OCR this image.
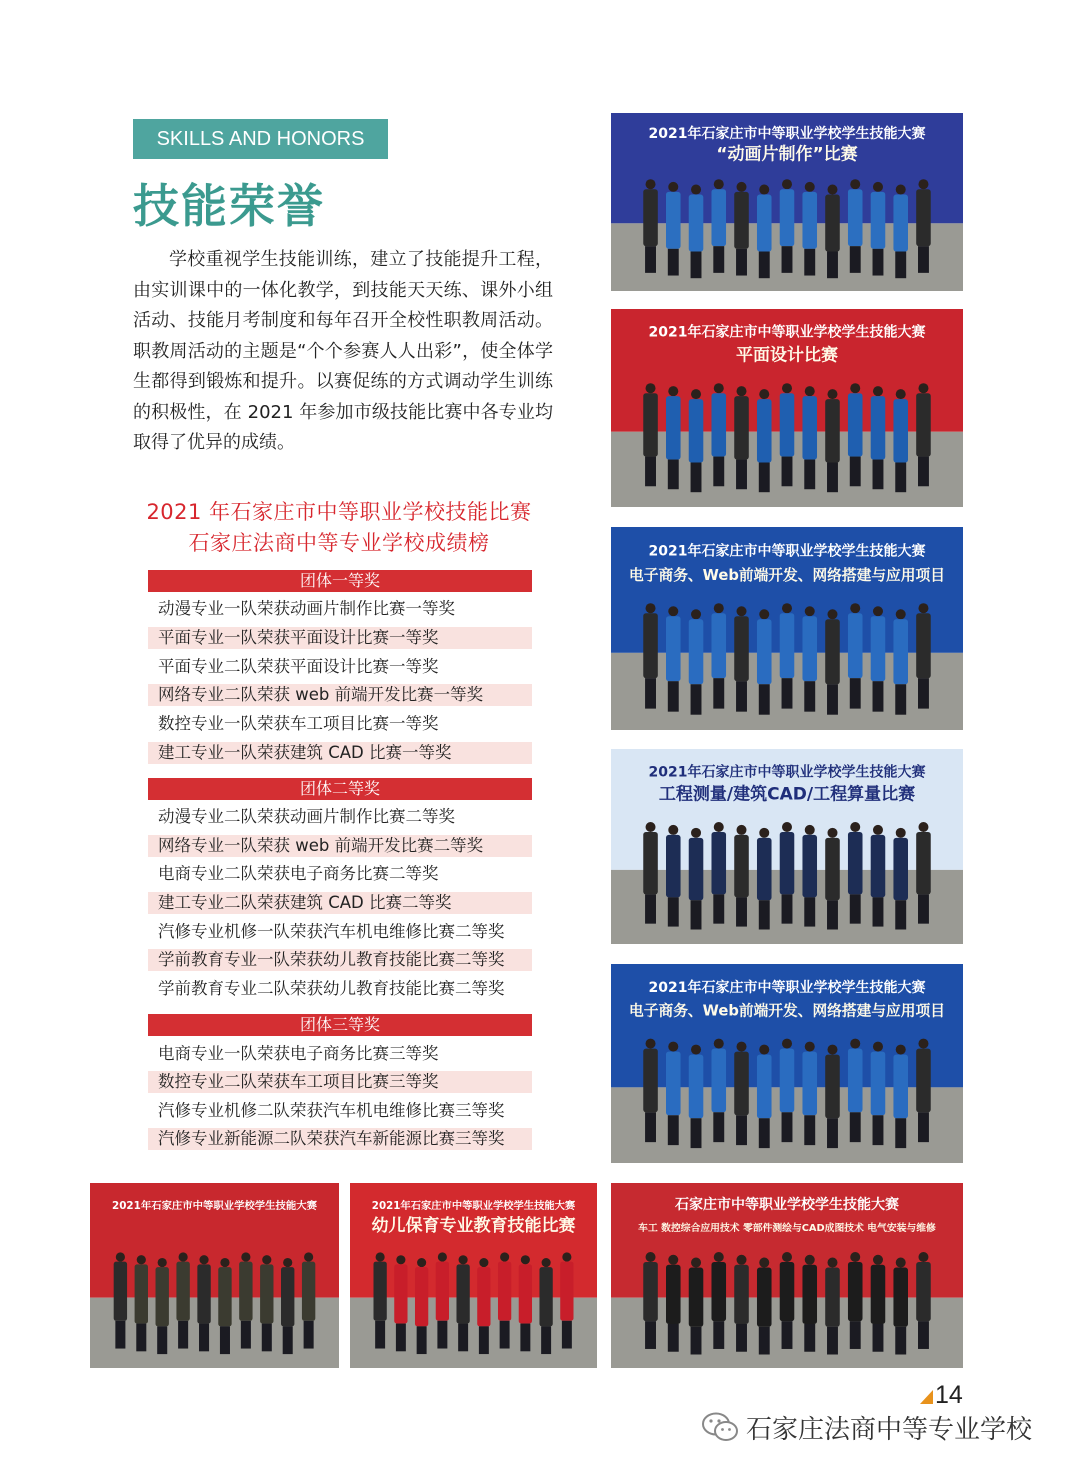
SKILLS AND HONORS
技能荣誉
学校重视学生技能训练，建立了技能提升工程，由实训课中的一体化教学，到技能天天练、课外小组活动、技能月考制度和每年召开全校性职教周活动。职教周活动的主题是“个个参赛人人出彩”，使全体学生都得到锻炼和提升。以赛促练的方式调动学生训练的积极性，在 2021 年参加市级技能比赛中各专业均取得了优异的成绩。
2021 年石家庄市中等职业学校技能比赛
石家庄法商中等专业学校成绩榜
团体一等奖
动漫专业一队荣获动画片制作比赛一等奖
平面专业一队荣获平面设计比赛一等奖
平面专业二队荣获平面设计比赛一等奖
网络专业二队荣获 web 前端开发比赛一等奖
数控专业一队荣获车工项目比赛一等奖
建工专业一队荣获建筑 CAD 比赛一等奖
团体二等奖
动漫专业二队荣获动画片制作比赛二等奖
网络专业一队荣获 web 前端开发比赛二等奖
电商专业二队荣获电子商务比赛二等奖
建工专业二队荣获建筑 CAD 比赛二等奖
汽修专业机修一队荣获汽车机电维修比赛二等奖
学前教育专业一队荣获幼儿教育技能比赛二等奖
学前教育专业二队荣获幼儿教育技能比赛二等奖
团体三等奖
电商专业一队荣获电子商务比赛三等奖
数控专业二队荣获车工项目比赛三等奖
汽修专业机修二队荣获汽车机电维修比赛三等奖
汽修专业新能源二队荣获汽车新能源比赛三等奖
2021年石家庄市中等职业学校学生技能大赛
“动画片制作”比赛
2021年石家庄市中等职业学校学生技能大赛
平面设计比赛
2021年石家庄市中等职业学校学生技能大赛
电子商务、Web前端开发、网络搭建与应用项目
2021年石家庄市中等职业学校学生技能大赛
工程测量/建筑CAD/工程算量比赛
2021年石家庄市中等职业学校学生技能大赛
电子商务、Web前端开发、网络搭建与应用项目
2021年石家庄市中等职业学校学生技能大赛	2021年石家庄市中等职业学校学生技能大赛
幼儿保育专业教育技能比赛
石家庄市中等职业学校学生技能大赛
车工 数控综合应用技术 零部件测绘与CAD成图技术 电气安装与维修
14
石家庄法商中等专业学校
